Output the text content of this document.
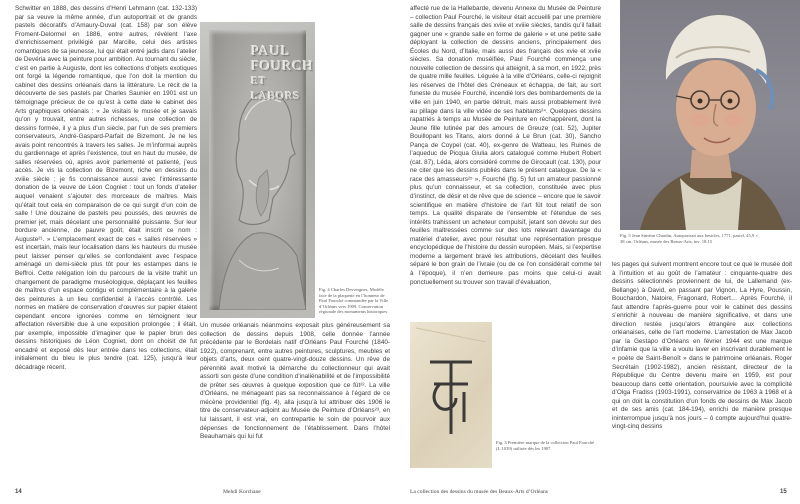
Schwitter en 1888, des dessins d’Henri Lehmann (cat. 132-133) par sa veuve la même année, d’un autoportrait et de grands pastels décoratifs d’Amaury-Duval (cat. 158) par son élève Froment-Delormel en 1886, entre autres, révèlent l’axe d’enrichissement privilégié par Marcille, celui des artistes romantiques de sa jeunesse, lui qui était entré jadis dans l’atelier de Devéria avec la peinture pour ambition. Au tournant du siècle, c’est en partie à Auguste, dont les collections d’objets exotiques ont forgé la légende romantique, que l’on doit la mention du cabinet des dessins orléanais dans la littérature. Le récit de la découverte de ses pastels par Charles Saunier en 1901 est un témoignage précieux de ce qu’est à cette date le cabinet des Arts graphiques orléanais : « Je visitais le musée et je savais qu’on y trouvait, entre autres richesses, une collection de dessins formée, il y a plus d’un siècle, par l’un de ses premiers conservateurs, André-Gaspard-Parfait de Bizemont. Je ne les avais point rencontrés à travers les salles. Je m’informai auprès du gardiennage et après l’existence, tout en haut du musée, de salles réservées où, après avoir parlementé et patienté, j’eus accès. Je vis la collection de Bizemont, riche en dessins du xviiie siècle ; je fis connaissance aussi avec l’intéressante donation de la veuve de Léon Cogniet : tout un fonds d’atelier auquel venaient s’ajouter des morceaux de maîtres. Mais qu’était tout cela en comparaison de ce qui surgit d’un coin de salle ! Une douzaine de pastels peu poussés, des œuvres de premier jet, mais décelant une personnalité puissante. Sur leur bordure ancienne, de pauvre goût, était inscrit ce nom : Auguste²¹. » L’emplacement exact de ces « salles réservées » est incertain, mais leur localisation dans les hauteurs du musée peut laisser penser qu’elles se confondaient avec l’espace aménagé un demi-siècle plus tôt pour les estampes dans le Beffroi. Cette relégation loin du parcours de la visite trahit un changement de paradigme muséologique, déplaçant les feuilles de maîtres d’un espace contigu et complémentaire à la galerie des peintures à un lieu confidentiel à l’accès contrôlé. Les normes en matière de conservation d’œuvres sur papier étaient cependant encore ignorées comme en témoignent leur affectation réversible due à une exposition prolongée ; il était, par exemple, impossible d’imaginer que le papier brun des dessins historiques de Léon Cogniet, dont on choisit de fut encadré et exposé dès leur entrée dans les collections, était initialement du bleu le plus tendre (cat. 125), jusqu’à leur décadrage récent.
PAUL FOURCH
ET LABORS
Fig. 4 Charles Desvergnes, Modèle face de la plaquette en l’honneur de Paul Fourché commandée par la Ville d’Orléans vers 1909. Conservation régionale des monuments historiques
Un musée orléanais néanmoins exposait plus généreusement sa collection de dessins depuis 1908, celle donnée l’année précédente par le Bordelais natif d’Orléans Paul Fourché (1840-1922), comprenant, entre autres peintures, sculptures, meubles et objets d’arts, deux cent quatre-vingt-douze dessins. Un rêve de pérennité avait motivé la démarche du collectionneur qui avait assorti son geste d’une condition d’inaliénabilité et de l’impossibilité de prêter ses œuvres à quelque exposition que ce fût²². La ville d’Orléans, ne ménageant pas sa reconnaissance à l’égard de ce mécène providentiel (fig. 4), alla jusqu’à lui attribuer dès 1906 le titre de conservateur-adjoint au Musée de Peinture d’Orléans²³, en lui laissant, il est vrai, en contrepartie le soin de pourvoir aux dépenses de fonctionnement de l’établissement. Dans l’hôtel Beauharnais qui lui fut
14	Mehdi Korchane
affecté rue de la Hallebarde, devenu Annexe du Musée de Peinture – collection Paul Fourché, le visiteur était accueilli par une première salle de dessins français des xviie et xviiie siècles, tandis qu’il fallait gagner une « grande salle en forme de galerie » et une petite salle déployant la collection de dessins anciens, principalement des Écoles du Nord, d’Italie, mais aussi des français des xvie et xviie siècles. Sa donation muséifiée, Paul Fourché commença une nouvelle collection de dessins qui atteignit, à sa mort, en 1922, près de quatre mille feuilles. Léguée à la ville d’Orléans, celle-ci rejoignit les réserves de l’hôtel des Créneaux et échappa, de fait, au sort funeste du musée Fourché, incendié lors des bombardements de la ville en juin 1940, en partie détruit, mais aussi probablement livré au pillage dans la ville vidée de ses habitants²⁴. Quelques dessins rapatriés à temps au Musée de Peinture en réchappèrent, dont la Jeune fille lutinée par des amours de Greuze (cat. 52), Jupiter Bouillopant les Titans, alors donné à Le Brun (cat. 30), Sancho Pança de Coypel (cat. 40), ex-genre de Watteau, les Ruines de l’aqueduc de Picqua Giulia alors catalogué comme Hubert Robert (cat. 87), Léda, alors considéré comme de Girocault (cat. 130), pour ne citer que les dessins publiés dans le présent catalogue. De la « race des amasseurs²⁵ », Fourché (fig. 5) fut un amateur passionné plus qu’un connaisseur, et sa collection, constituée avec plus d’instinct, de désir et de rêve que de science – encore que le savoir scientifique en matière d’histoire de l’art fût tout relatif de son temps. La qualité disparate de l’ensemble et l’étendue de ses intérêts trahissent un acheteur compulsif, jetant son dévolu sur des feuilles maltressées comme sur des lots relevant davantage du matériel d’atelier, avec pour résultat une représentation presque encyclopédique de l’histoire du dessin européen. Mais, si l’expertise moderne a largement bravé les attributions, décelant des feuilles séparé le bon grain de l’ivraie (ou de ce l’on considérait comme tel à l’époque), il n’en demeure pas moins que celui-ci avait ponctuellement su trouver son travail d’évaluation,
Fig. 3 Première marque de la collection Paul Fourché (L.1039) utilisée dès les 1907
Fig. 5 Jean Siméon Chardin, Autoportrait aux besicles, 1771, pastel, 45,9 × 38 cm, Orléans, musée des Beaux-Arts, inv. 18.15
les pages qui suivent montrent encore tout ce que le musée doit à l’intuition et au goût de l’amateur : cinquante-quatre des dessins sélectionnés proviennent de lui, de Lallemand (ex-Bellange) à David, en passant par Vignon, La Hyre, Poussin, Bouchardon, Natoire, Fragonard, Robert… Après Fourché, il faut attendre l’après-guerre pour voir le cabinet des dessins s’enrichir à nouveau de manière significative, et dans une direction restée jusqu’alors étrangère aux collections orléanaises, celle de l’art moderne. L’arrestation de Max Jacob par la Gestapo d’Orléans en février 1944 est une marque d’infamie que la ville a voulu laver en inscrivant durablement le « poète de Saint-Benoît » dans le patrimoine orléanais. Roger Secrétain (1902-1982), ancien résistant, directeur de la République du Centre devenu maire en 1959, est pour beaucoup dans cette orientation, poursuivie avec la complicité d’Olga Fradiss (1903-1991), conservatrice de 1963 à 1968 et à qui on doit la constitution d’un fonds de dessins de Max Jacob et de ses amis (cat. 184-194), enrichi de manière presque ininterrompue jusqu’à nos jours – ô compte aujourd’hui quatre-vingt-cinq dessins
La collection des dessins du musée des Beaux-Arts d’Orléans	15
